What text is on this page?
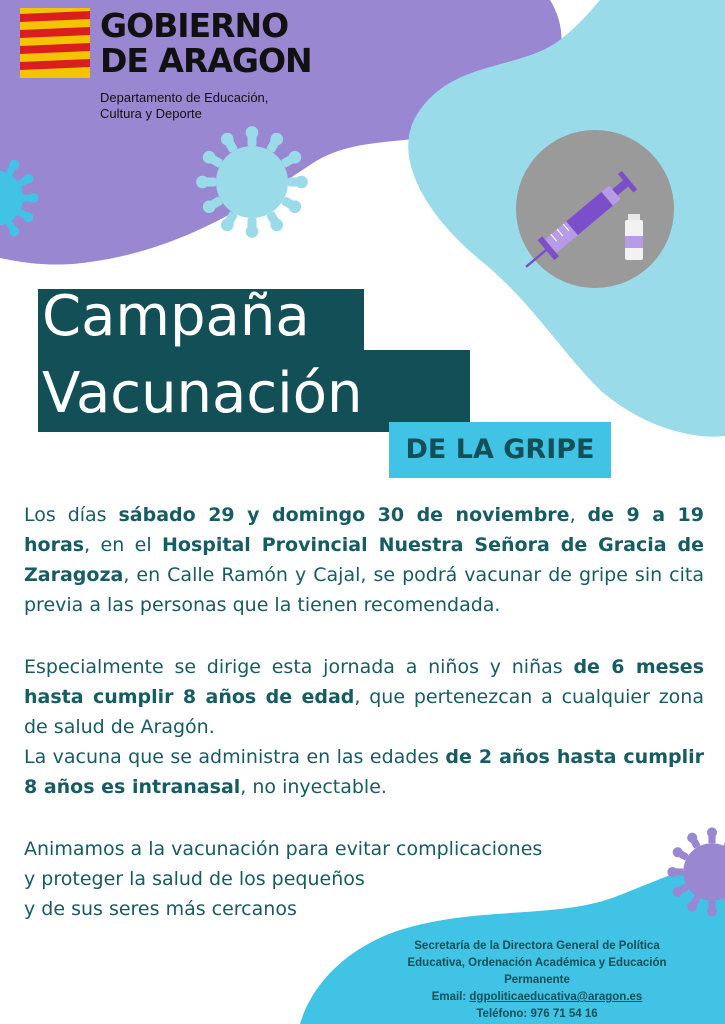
GOBIERNO
DE ARAGON
Departamento de Educación,
Cultura y Deporte
Campaña
Vacunación
DE LA GRIPE
Los días sábado 29 y domingo 30 de noviembre, de 9 a 19 horas, en el Hospital Provincial Nuestra Señora de Gracia de Zaragoza, en Calle Ramón y Cajal, se podrá vacunar de gripe sin cita previa a las personas que la tienen recomendada.
Especialmente se dirige esta jornada a niños y niñas de 6 meses hasta cumplir 8 años de edad, que pertenezcan a cualquier zona de salud de Aragón.
La vacuna que se administra en las edades de 2 años hasta cumplir 8 años es intranasal, no inyectable.
Animamos a la vacunación para evitar complicaciones
y proteger la salud de los pequeños
y de sus seres más cercanos
Secretaría de la Directora General de Política
Educativa, Ordenación Académica y Educación
Permanente
Email: dgpoliticaeducativa@aragon.es
Teléfono: 976 71 54 16
